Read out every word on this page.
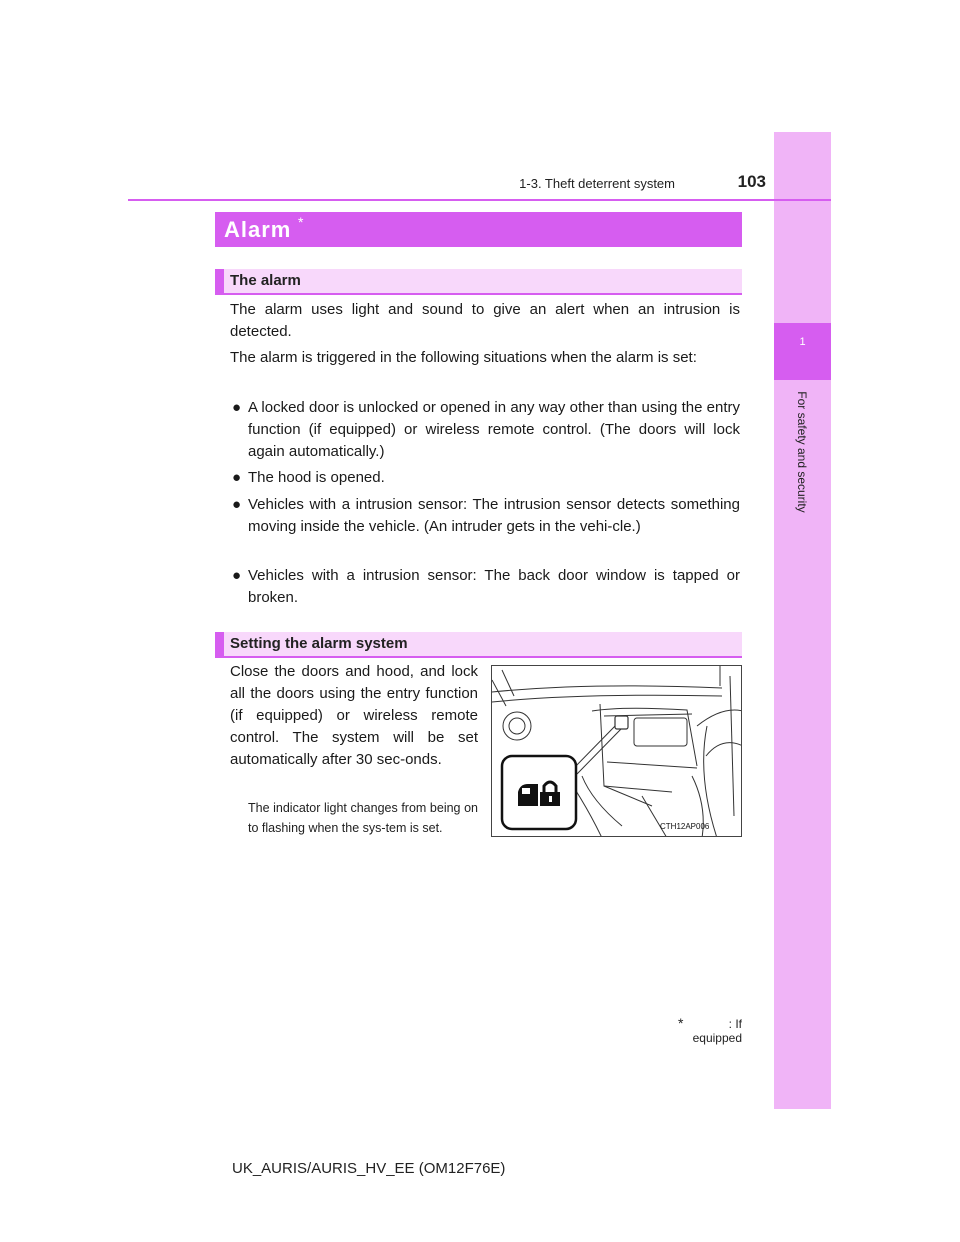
1
For safety and security
1-3. Theft deterrent system	103
Alarm *
The alarm
The alarm uses light and sound to give an alert when an intrusion is detected.
The alarm is triggered in the following situations when the alarm is set:
● A locked door is unlocked or opened in any way other than using the entry function (if equipped) or wireless remote control. (The doors will lock again automatically.)
● The hood is opened.
● Vehicles with a intrusion sensor: The intrusion sensor detects something moving inside the vehicle. (An intruder gets in the vehi-cle.)
● Vehicles with a intrusion sensor: The back door window is tapped or broken.
Setting the alarm system
Close the doors and hood, and lock all the doors using the entry function (if equipped) or wireless remote control. The system will be set automatically after 30 sec-onds.
The indicator light changes from being on to flashing when the sys-tem is set.	CTH12AP006
*	: If equipped
UK_AURIS/AURIS_HV_EE (OM12F76E)
